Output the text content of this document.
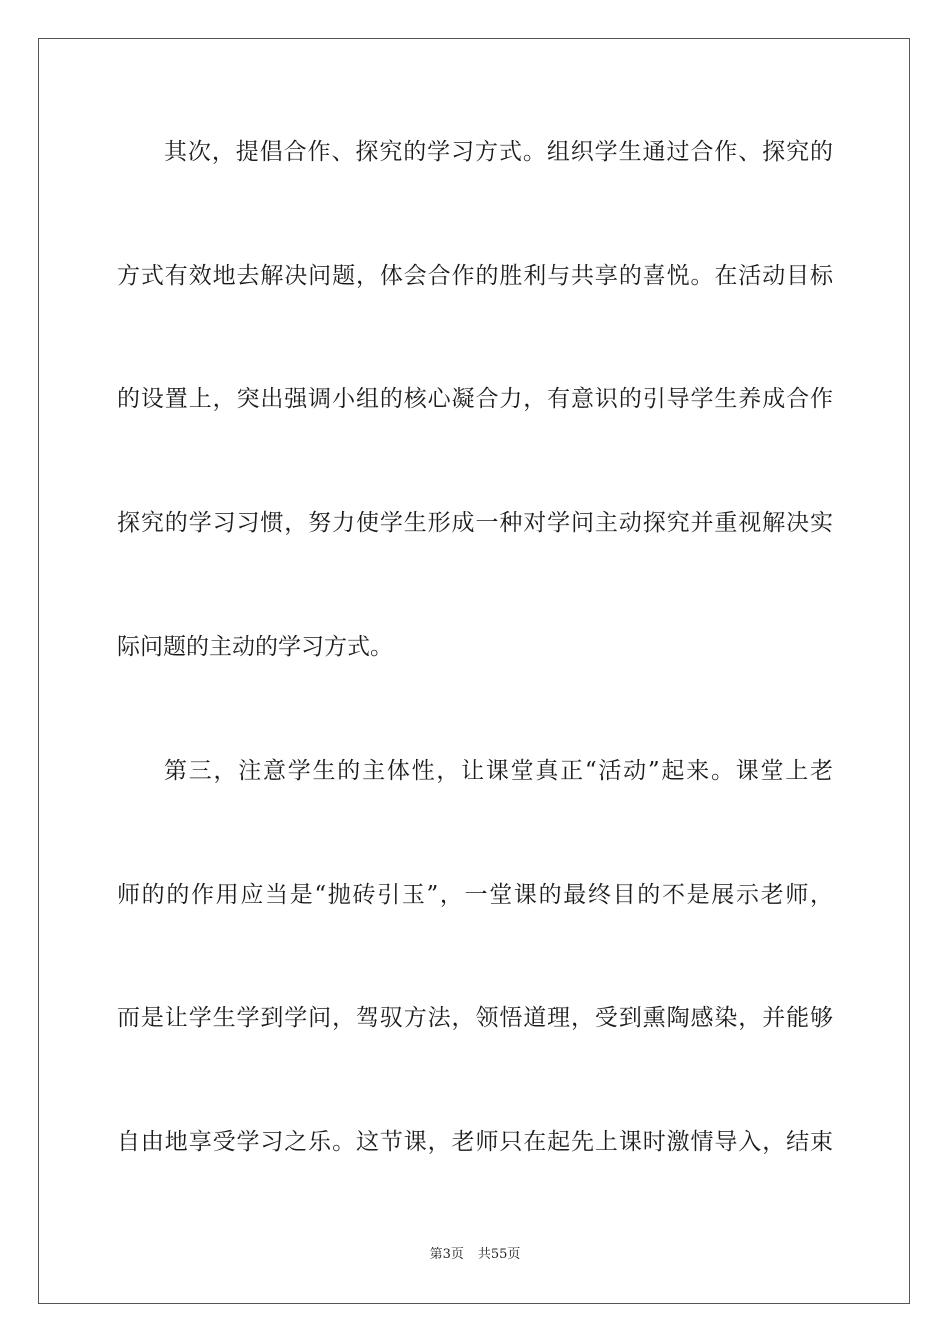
其次，提倡合作、探究的学习方式。组织学生通过合作、探究的
方式有效地去解决问题，体会合作的胜利与共享的喜悦。在活动目标
的设置上，突出强调小组的核心凝合力，有意识的引导学生养成合作
探究的学习习惯，努力使学生形成一种对学问主动探究并重视解决实
际问题的主动的学习方式。
第三，注意学生的主体性，让课堂真正“活动”起来。课堂上老
师的的作用应当是“抛砖引玉”，一堂课的最终目的不是展示老师，
而是让学生学到学问，驾驭方法，领悟道理，受到熏陶感染，并能够
自由地享受学习之乐。这节课，老师只在起先上课时激情导入，结束
第3页 共55页
